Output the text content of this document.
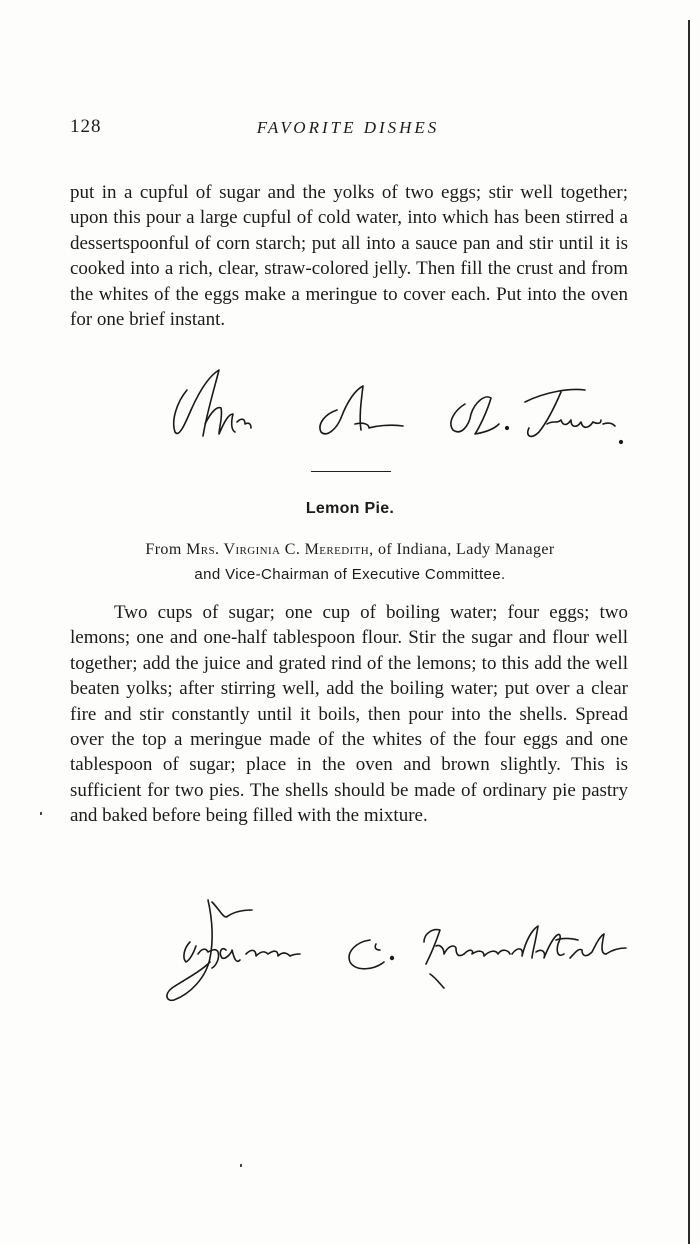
128	FAVORITE DISHES

put in a cupful of sugar and the yolks of two eggs; stir well together; upon this pour a large cupful of cold water, into which has been stirred a dessertspoonful of corn starch; put all into a sauce pan and stir until it is cooked into a rich, clear, straw-colored jelly. Then fill the crust and from the whites of the eggs make a meringue to cover each. Put into the oven for one brief instant.

Lemon Pie.
From Mrs. Virginia C. Meredith, of Indiana, Lady Manager
and Vice-Chairman of Executive Committee.

Two cups of sugar; one cup of boiling water; four eggs; two lemons; one and one-half tablespoon flour. Stir the sugar and flour well together; add the juice and grated rind of the lemons; to this add the well beaten yolks; after stirring well, add the boiling water; put over a clear fire and stir constantly until it boils, then pour into the shells. Spread over the top a meringue made of the whites of the four eggs and one tablespoon of sugar; place in the oven and brown slightly. This is sufficient for two pies. The shells should be made of ordinary pie pastry and baked before being filled with the mixture.
